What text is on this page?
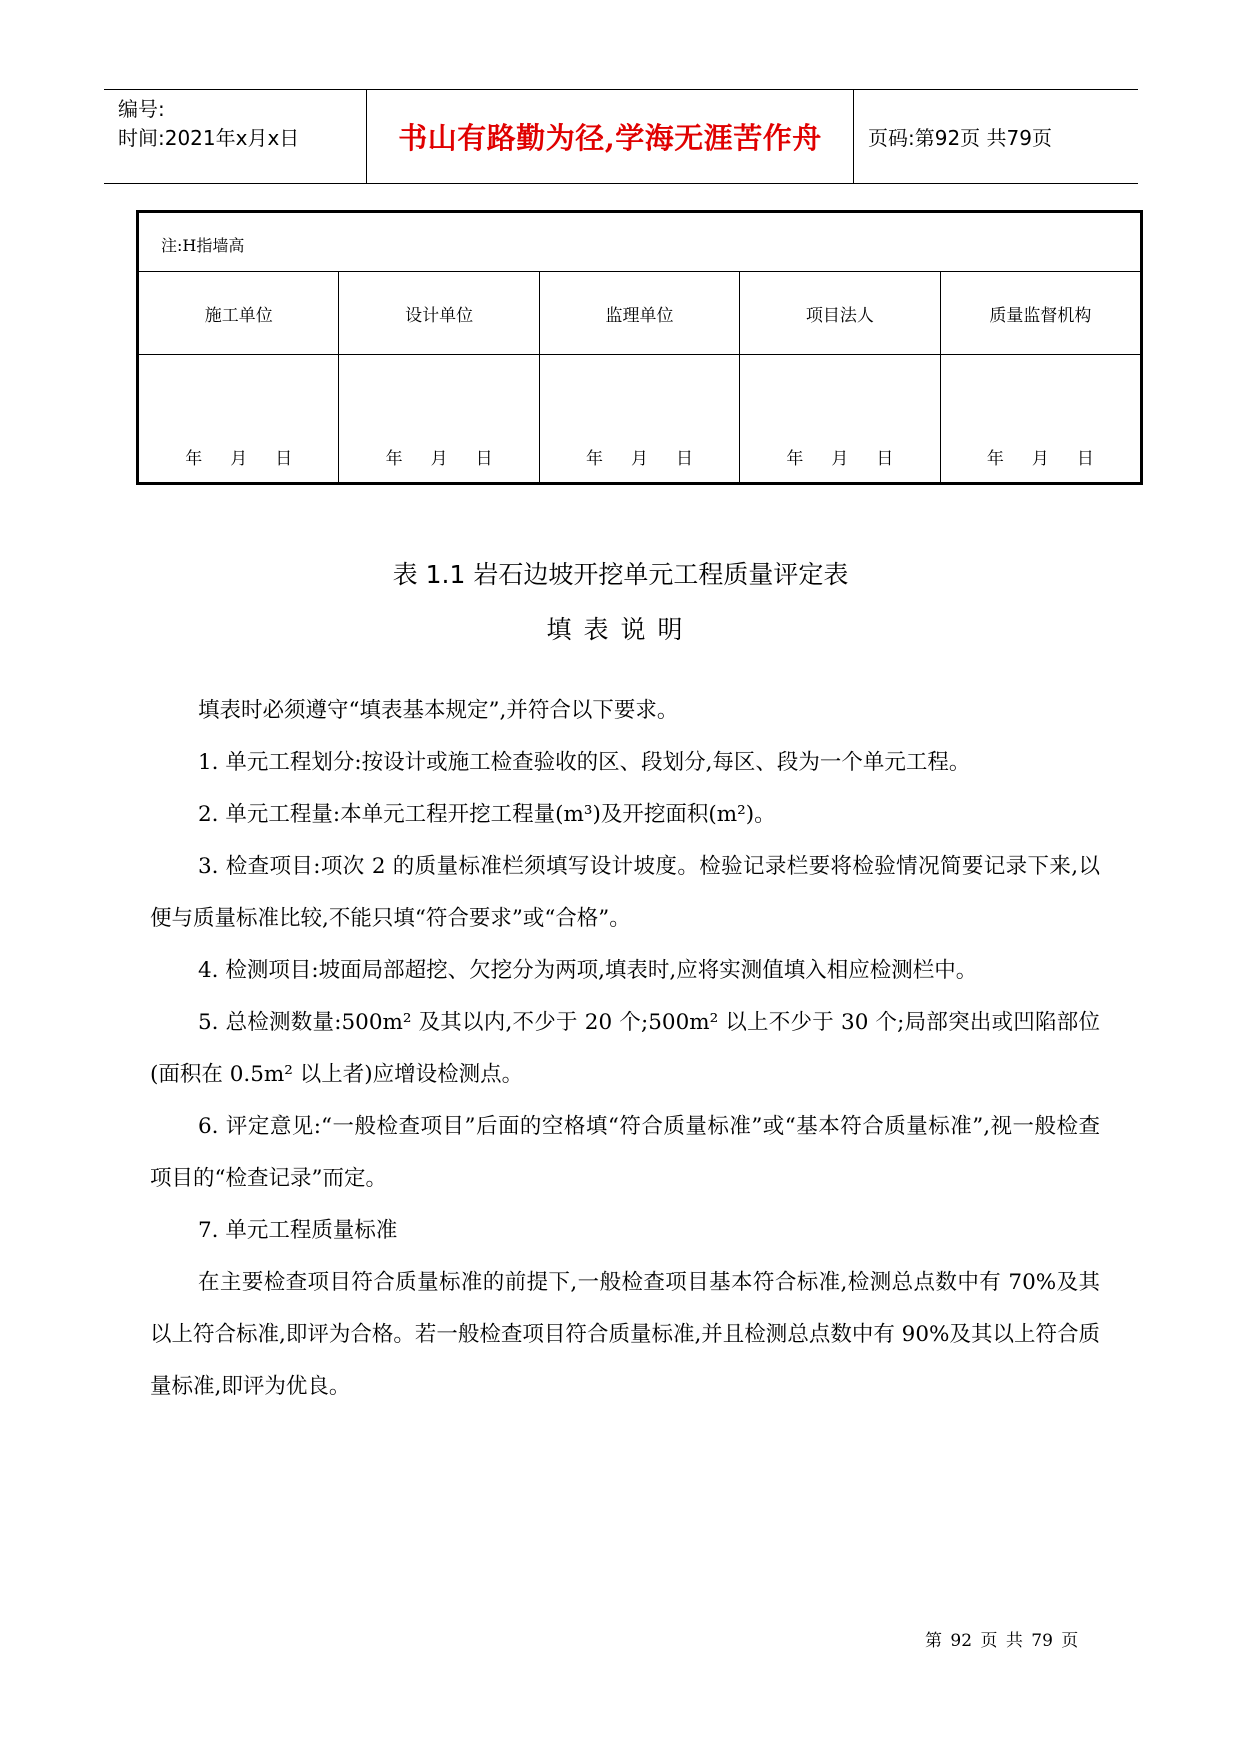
编号:
时间:2021年x月x日	书山有路勤为径,学海无涯苦作舟	页码:第92页 共79页
注:H指墙高
施工单位
年 月 日
设计单位
年 月 日
监理单位
年 月 日
项目法人
年 月 日
质量监督机构
年 月 日
表 1.1 岩石边坡开挖单元工程质量评定表
填表说明

填表时必须遵守“填表基本规定”,并符合以下要求。

1. 单元工程划分:按设计或施工检查验收的区、段划分,每区、段为一个单元工程。

2. 单元工程量:本单元工程开挖工程量(m³)及开挖面积(m²)。

3. 检查项目:项次 2 的质量标准栏须填写设计坡度。检验记录栏要将检验情况简要记录下来,以便与质量标准比较,不能只填“符合要求”或“合格”。

4. 检测项目:坡面局部超挖、欠挖分为两项,填表时,应将实测值填入相应检测栏中。

5. 总检测数量:500m² 及其以内,不少于 20 个;500m² 以上不少于 30 个;局部突出或凹陷部位(面积在 0.5m² 以上者)应增设检测点。

6. 评定意见:“一般检查项目”后面的空格填“符合质量标准”或“基本符合质量标准”,视一般检查项目的“检查记录”而定。

7. 单元工程质量标准

在主要检查项目符合质量标准的前提下,一般检查项目基本符合标准,检测总点数中有 70%及其以上符合标准,即评为合格。若一般检查项目符合质量标准,并且检测总点数中有 90%及其以上符合质量标准,即评为优良。

第 92 页 共 79 页
